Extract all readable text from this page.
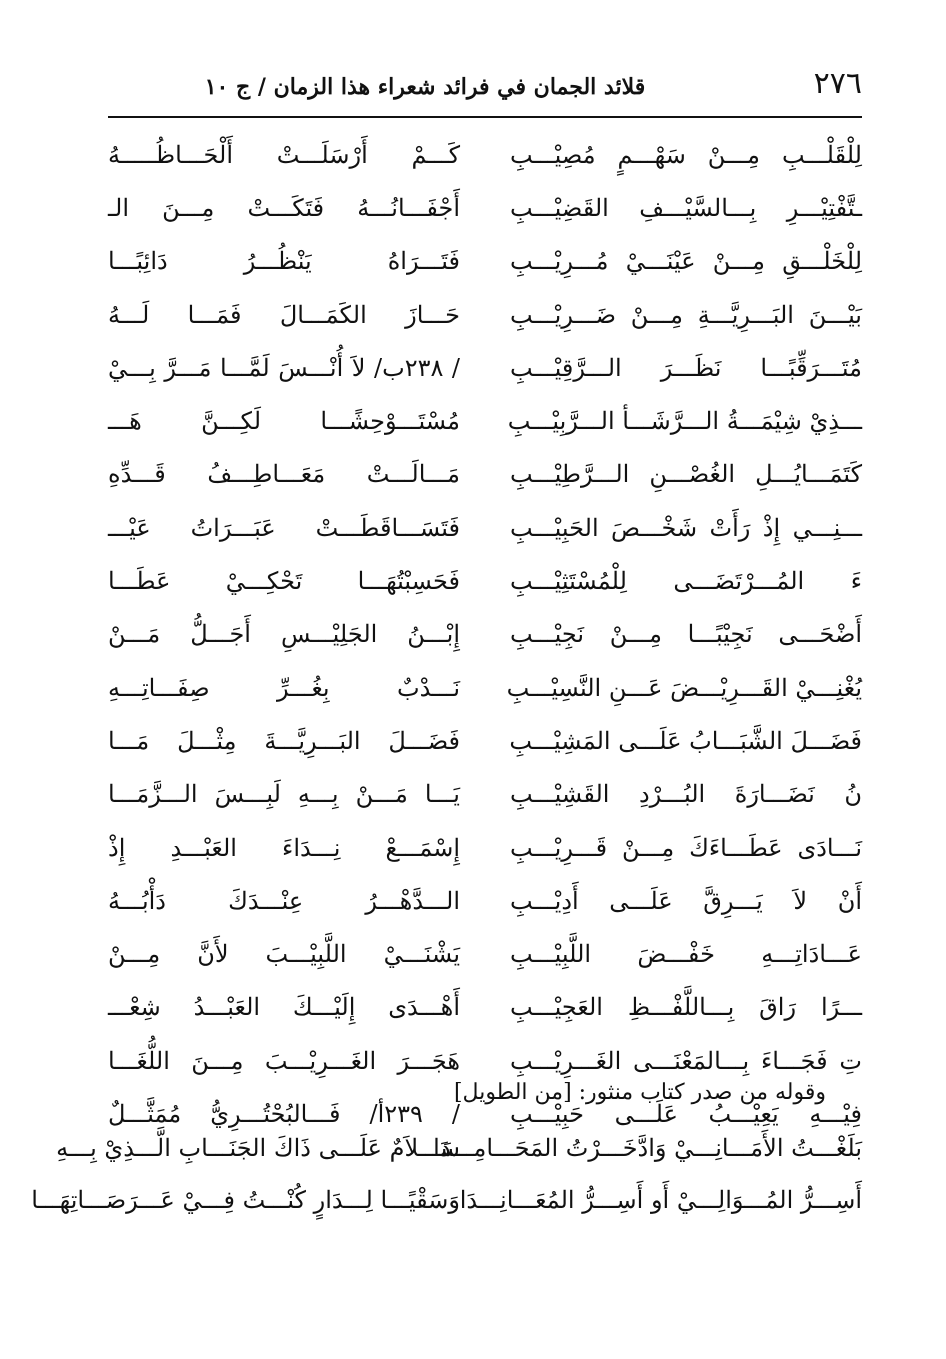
٢٧٦
قلائد الجمان في فرائد شعراء هذا الزمان / ج ١٠
كَـــمْ أَرْسَلَـــتْ أَلْحَـــاظُـــــهُ لِلْقَلْـــبِ مِـــنْ سَهْـــمٍ مُصِيْـــبِ
أَجْفَـــانُـــهُ فَتَكَـــتْ مِـــنَ الـ ـتَّفْتِيْـــرِ بِـــالسَّيْـــفِ القَضِيْـــبِ
فَتَـــرَاهُ يَنْظُـــرُ دَائِبًـــا لِلْخَلْـــقِ مِـــنْ عَيْنَـــيْ مُـــرِيْـــبِ
حَـــازَ الكَمَـــالَ فَمَـــا لَـــهُ بَيْـــنَ البَـــرِيَّـــةِ مِـــنْ ضَـــرِيْـــبِ
/ ٢٣٨ب/ لاَ أُنْـــسَ لَمَّـــا مَـــرَّ بِـــيْ مُتَـــرَقِّبًـــا نَظَـــرَ الـــرَّقِيْـــبِ
مُسْتَـــوْحِشًـــا لَكِـــنَّ هَـــ ـــذِيْ شِيْمَـــةُ الـــرَّشَـــأ الـــرَّبِيْـــبِ
مَـــالَـــتْ مَعَـــاطِـــفُ قَـــدِّهِ كَتَمَـــايُـــلِ الغُصْـــنِ الـــرَّطِيْـــبِ
فَتَسَـــاقَطَـــتْ عَبَـــرَاتُ عَيْـــ ـــنِـــي إِذْ رَأَتْ شَخْـــصَ الحَبِيْـــبِ
فَحَسِبْتُهَـــا تَحْكِـــيْ عَطَـــا ءَ المُـــرْتَضَـــى لِلْمُسْتَثِيْـــبِ
إِبْـــنُ الجَلِيْـــسِ أَجَـــلُّ مَـــنْ أَضْحَـــى نَجِيْبًـــا مِـــنْ نَجِيْـــبِ
نَـــدْبٌ بِغُـــرِّ صِفَـــاتِـــهِ يُغْنِـــيْ القَـــرِيْـــضَ عَـــنِ النَّسِيْـــبِ
فَضَـــلَ البَـــرِيَّـــةَ مِثْـــلَ مَـــا فَضَـــلَ الشَّبَـــابُ عَلَـــى المَشِيْـــبِ
يَـــا مَـــنْ بِـــهِ لَبِـــسَ الـــزَّمَـــا نُ نَضَـــارَةَ البُـــرْدِ القَشِيْـــبِ
إِسْمَـــعْ نِـــدَاءَ العَبْـــدِ إِذْ نَـــادَى عَطَـــاءَكَ مِـــنْ قَـــرِيْـــبِ
الـــدَّهْـــرُ عِنْـــدَكَ دَأْبُـــهُ أَنْ لاَ يَـــرِقَّ عَلَـــى أَدِيْـــبِ
يَشْنَـــيْ اللَّبِيْـــبَ لأَنَّ مِـــنْ عَـــادَاتِـــهِ خَفْـــضَ اللَّبِيْـــبِ
أَهْـــدَى إِلَيْـــكَ العَبْـــدُ شِعْـــ ـــرًا رَاقَ بِـــاللَّفْـــظِ العَجِيْـــبِ
هَجَـــرَ الغَـــرِيْـــبَ مِـــنَ اللُّغَـــا تِ فَجَـــاءَ بِـــالمَعْنَـــى الغَـــرِيْـــبِ
/ ٢٣٩أ/ فَـــالبُحْتُـــرِيُّ مُمَثَّـــلٌ فِيْـــهِ يَعِيْـــبُ عَلَـــى حَبِيْـــبِ
وقوله من صدر كتاب منثور: [من الطويل]
سَـــلاَمٌ عَلَـــى ذَاكَ الجَنَـــابِ الَّـــذِيْ بِـــهِ
بَلَغْـــتُ الأَمَـــانِـــيْ وَادَّخَـــرْتُ المَحَـــامِـــدَا
وَسَقْيًـــا لِـــدَارٍ كُنْـــتُ فِـــيْ عَـــرَصَـــاتِهَـــا أَسِـــرُّ المُـــوَالِـــيْ أَو أَسِـــرُّ المُعَـــانِـــدَا
